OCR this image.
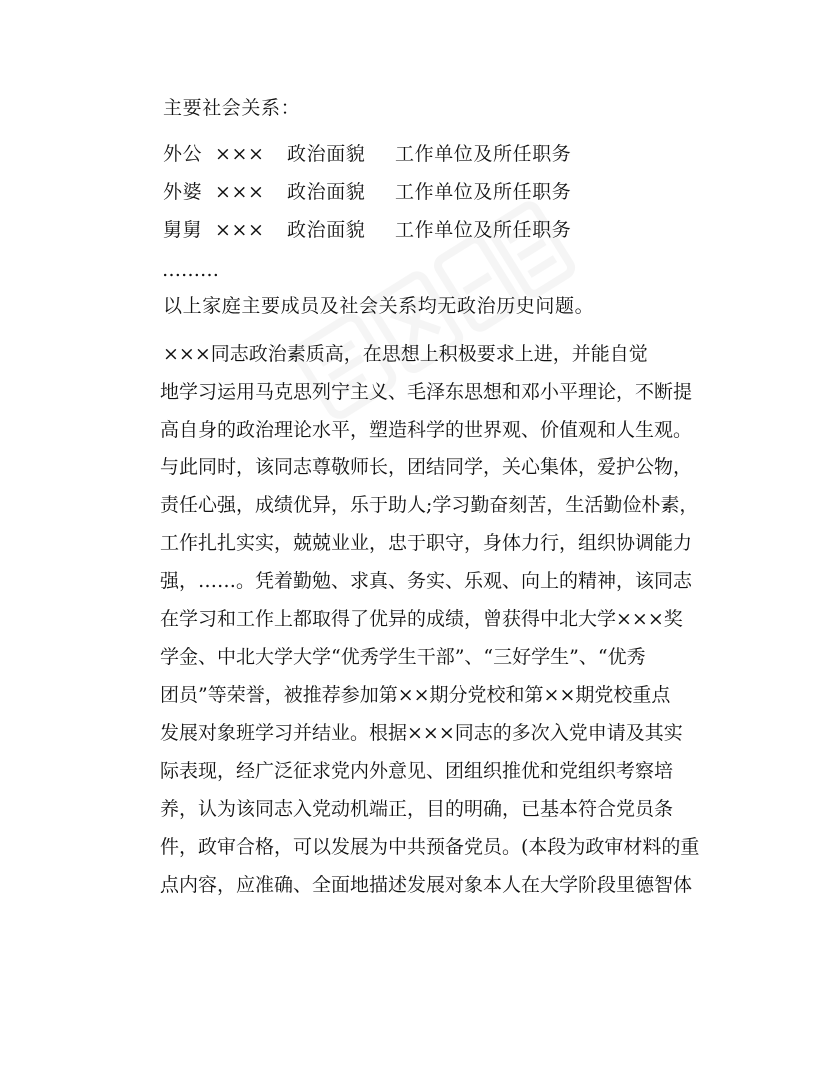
主要社会关系：
外公 ××× 政治面貌 工作单位及所任职务
外婆 ××× 政治面貌 工作单位及所任职务
舅舅 ××× 政治面貌 工作单位及所任职务
………
以上家庭主要成员及社会关系均无政治历史问题。
×××同志政治素质高，在思想上积极要求上进，并能自觉
地学习运用马克思列宁主义、毛泽东思想和邓小平理论，不断提
高自身的政治理论水平，塑造科学的世界观、价值观和人生观。
与此同时，该同志尊敬师长，团结同学，关心集体，爱护公物，
责任心强，成绩优异，乐于助人;学习勤奋刻苦，生活勤俭朴素，
工作扎扎实实，兢兢业业，忠于职守，身体力行，组织协调能力
强，……。凭着勤勉、求真、务实、乐观、向上的精神，该同志
在学习和工作上都取得了优异的成绩，曾获得中北大学×××奖
学金、中北大学大学“优秀学生干部”、“三好学生”、“优秀
团员”等荣誉，被推荐参加第××期分党校和第××期党校重点
发展对象班学习并结业。根据×××同志的多次入党申请及其实
际表现，经广泛征求党内外意见、团组织推优和党组织考察培
养，认为该同志入党动机端正，目的明确，已基本符合党员条
件，政审合格，可以发展为中共预备党员。(本段为政审材料的重
点内容，应准确、全面地描述发展对象本人在大学阶段里德智体
